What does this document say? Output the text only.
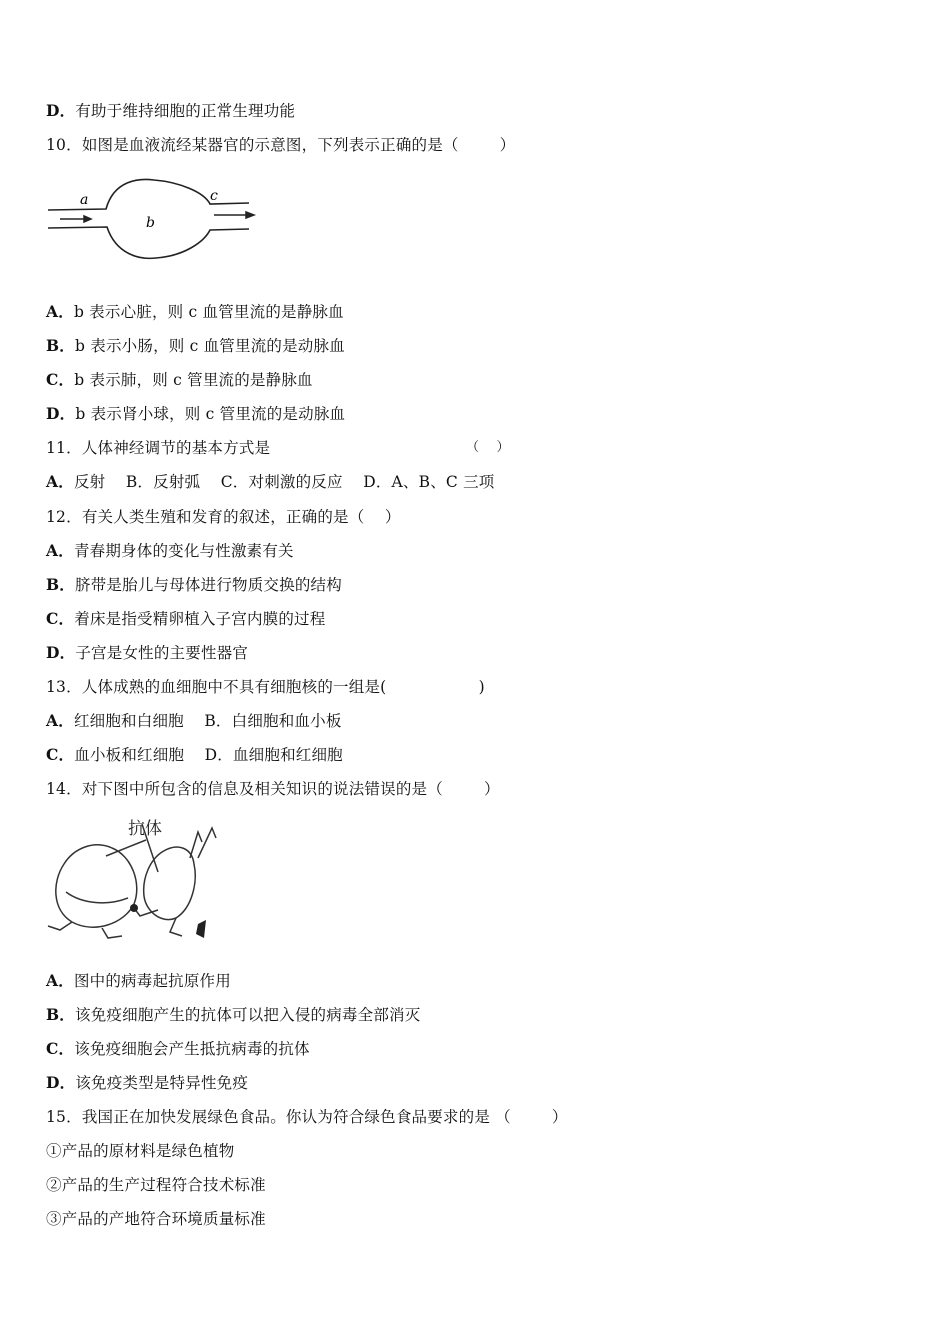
D．有助于维持细胞的正常生理功能
10．如图是血液流经某器官的示意图，下列表示正确的是（        ）
a
b
c
A．b 表示心脏，则 c 血管里流的是静脉血
B．b 表示小肠，则 c 血管里流的是动脉血
C．b 表示肺，则 c 管里流的是静脉血
D．b 表示肾小球，则 c 管里流的是动脉血
11．人体神经调节的基本方式是	（    ）
A．反射    B．反射弧    C．对刺激的反应    D．A、B、C 三项
12．有关人类生殖和发育的叙述，正确的是（    ）
A．青春期身体的变化与性激素有关
B．脐带是胎儿与母体进行物质交换的结构
C．着床是指受精卵植入子宫内膜的过程
D．子宫是女性的主要性器官
13．人体成熟的血细胞中不具有细胞核的一组是(                  )
A．红细胞和白细胞    B．白细胞和血小板
C．血小板和红细胞    D．血细胞和红细胞
14．对下图中所包含的信息及相关知识的说法错误的是（        ）
抗体
A．图中的病毒起抗原作用
B．该免疫细胞产生的抗体可以把入侵的病毒全部消灭
C．该免疫细胞会产生抵抗病毒的抗体
D．该免疫类型是特异性免疫
15．我国正在加快发展绿色食品。你认为符合绿色食品要求的是 （        ）
①产品的原材料是绿色植物
②产品的生产过程符合技术标准
③产品的产地符合环境质量标准
